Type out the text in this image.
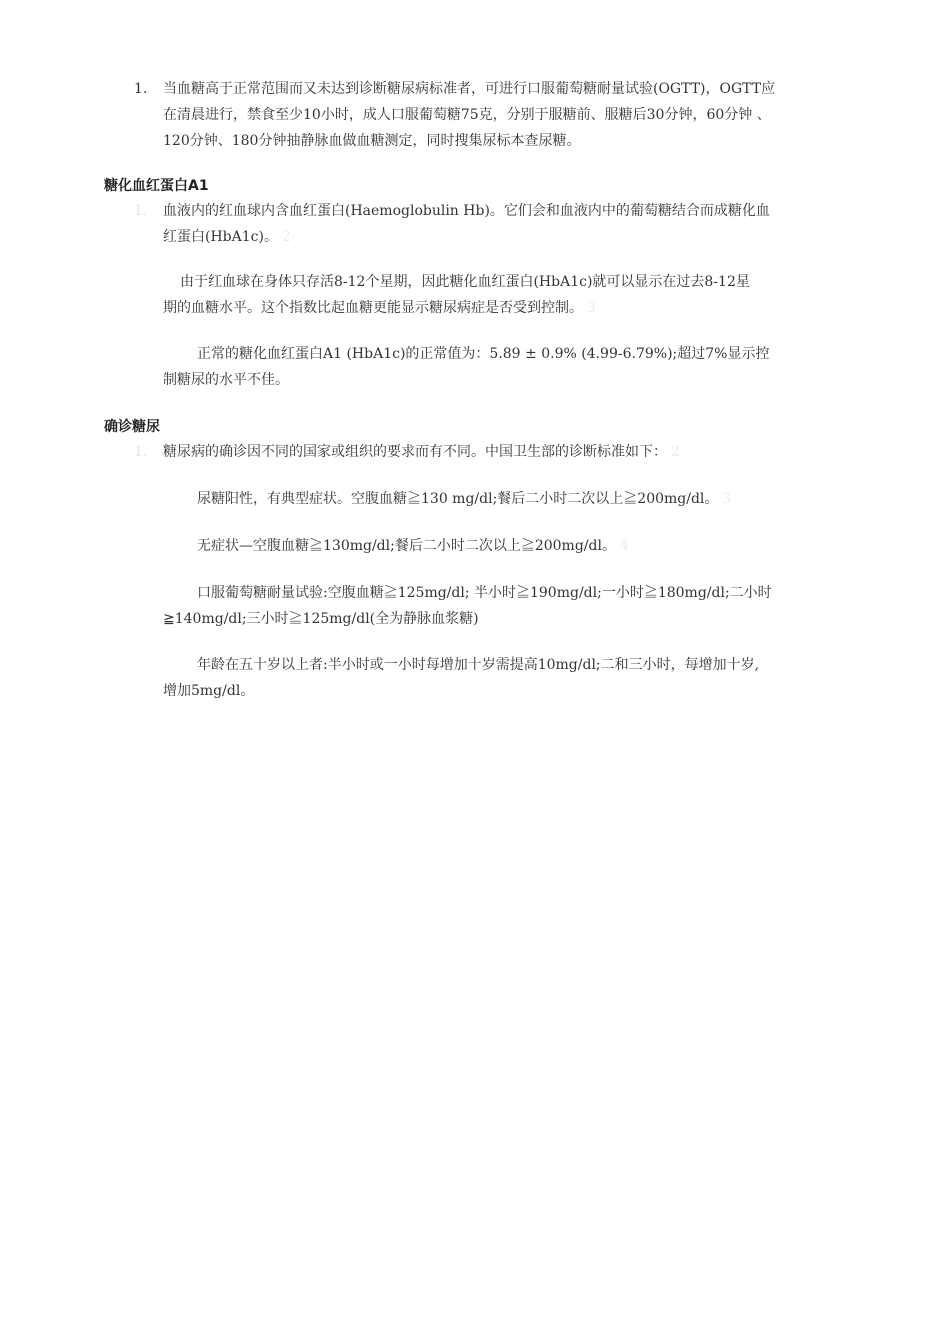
1. 当血糖高于正常范围而又未达到诊断糖尿病标准者，可进行口服葡萄糖耐量试验(OGTT)，OGTT应
在清晨进行，禁食至少10小时，成人口服葡萄糖75克，分别于服糖前、服糖后30分钟，60分钟 、
120分钟、180分钟抽静脉血做血糖测定，同时搜集尿标本查尿糖。
糖化血红蛋白A1
1. 血液内的红血球内含血红蛋白(Haemoglobulin Hb)。它们会和血液内中的葡萄糖结合而成糖化血
红蛋白(HbA1c)。 2
由于红血球在身体只存活8-12个星期，因此糖化血红蛋白(HbA1c)就可以显示在过去8-12星
期的血糖水平。这个指数比起血糖更能显示糖尿病症是否受到控制。 3
正常的糖化血红蛋白A1 (HbA1c)的正常值为：5.89 ± 0.9% (4.99-6.79%);超过7%显示控
制糖尿的水平不佳。
确诊糖尿
1. 糖尿病的确诊因不同的国家或组织的要求而有不同。中国卫生部的诊断标准如下： 2
尿糖阳性，有典型症状。空腹血糖≧130 mg/dl;餐后二小时二次以上≧200mg/dl。 3
无症状—空腹血糖≧130mg/dl;餐后二小时二次以上≧200mg/dl。 4
口服葡萄糖耐量试验:空腹血糖≧125mg/dl; 半小时≧190mg/dl;一小时≧180mg/dl;二小时
≧140mg/dl;三小时≧125mg/dl(全为静脉血浆糖)
年龄在五十岁以上者:半小时或一小时每增加十岁需提高10mg/dl;二和三小时，每增加十岁,
增加5mg/dl。
